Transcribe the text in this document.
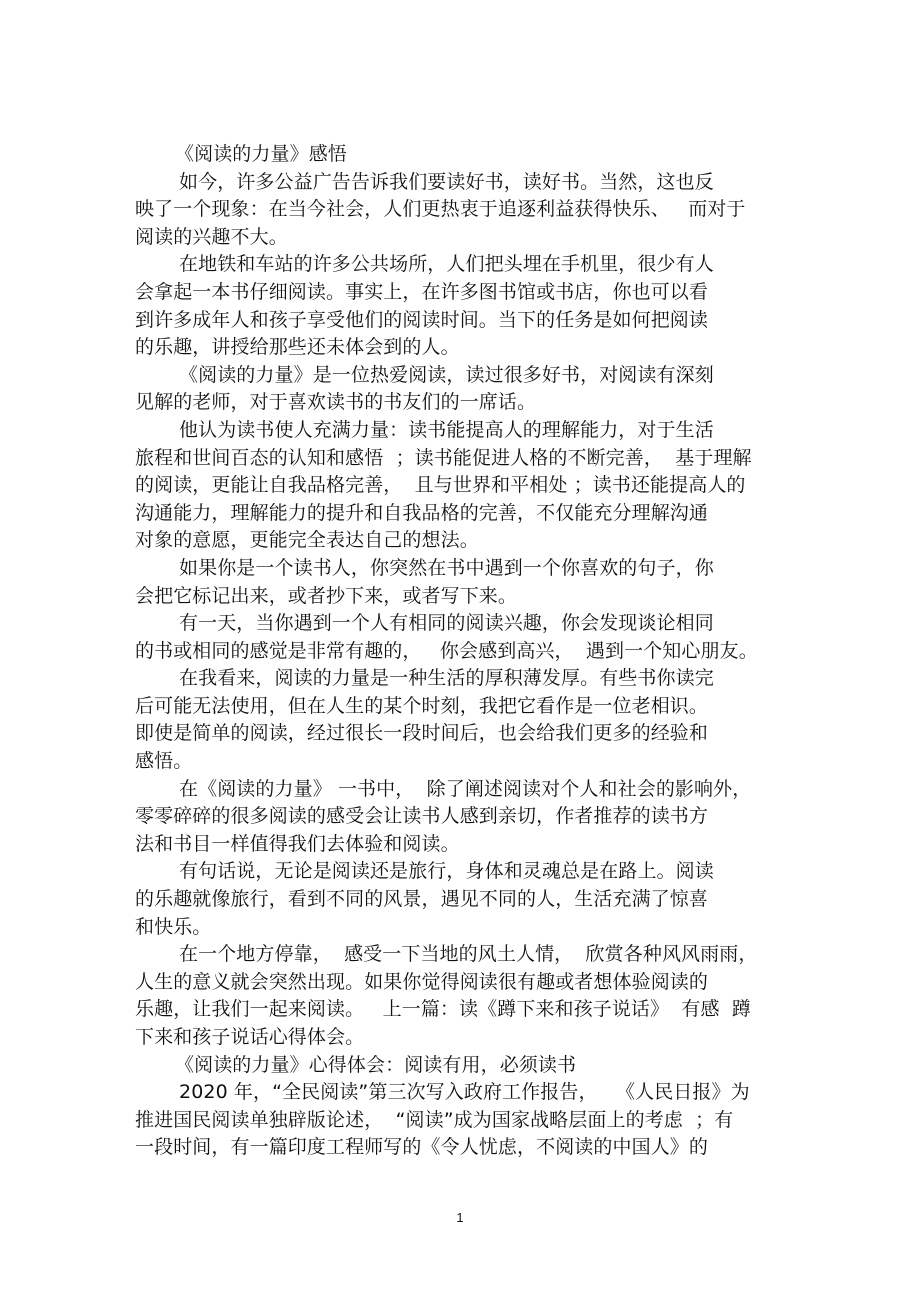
《阅读的力量》感悟
如今，许多公益广告告诉我们要读好书，读好书。当然，这也反
映了一个现象：在当今社会，人们更热衷于追逐利益获得快乐、   而对于
阅读的兴趣不大。
在地铁和车站的许多公共场所，人们把头埋在手机里，很少有人
会拿起一本书仔细阅读。事实上，在许多图书馆或书店，你也可以看
到许多成年人和孩子享受他们的阅读时间。当下的任务是如何把阅读
的乐趣，讲授给那些还未体会到的人。
《阅读的力量》是一位热爱阅读，读过很多好书，对阅读有深刻
见解的老师，对于喜欢读书的书友们的一席话。
他认为读书使人充满力量：读书能提高人的理解能力，对于生活
旅程和世间百态的认知和感悟  ；读书能促进人格的不断完善，  基于理解
的阅读，更能让自我品格完善，  且与世界和平相处 ；读书还能提高人的
沟通能力，理解能力的提升和自我品格的完善，不仅能充分理解沟通
对象的意愿，更能完全表达自己的想法。
如果你是一个读书人，你突然在书中遇到一个你喜欢的句子，你
会把它标记出来，或者抄下来，或者写下来。
有一天，当你遇到一个人有相同的阅读兴趣，你会发现谈论相同
的书或相同的感觉是非常有趣的，   你会感到高兴，  遇到一个知心朋友。
在我看来，阅读的力量是一种生活的厚积薄发厚。有些书你读完
后可能无法使用，但在人生的某个时刻，我把它看作是一位老相识。
即使是简单的阅读，经过很长一段时间后，也会给我们更多的经验和
感悟。
在《阅读的力量》 一书中，  除了阐述阅读对个人和社会的影响外，
零零碎碎的很多阅读的感受会让读书人感到亲切，作者推荐的读书方
法和书目一样值得我们去体验和阅读。
有句话说，无论是阅读还是旅行，身体和灵魂总是在路上。阅读
的乐趣就像旅行，看到不同的风景，遇见不同的人，生活充满了惊喜
和快乐。
在一个地方停靠，  感受一下当地的风土人情，  欣赏各种风风雨雨，
人生的意义就会突然出现。如果你觉得阅读很有趣或者想体验阅读的
乐趣，让我们一起来阅读。   上一篇：读《蹲下来和孩子说话》  有感  蹲
下来和孩子说话心得体会。
《阅读的力量》心得体会：阅读有用，必须读书
2020 年，“全民阅读”第三次写入政府工作报告，   《人民日报》为
推进国民阅读单独辟版论述，  “阅读”成为国家战略层面上的考虑  ；有
一段时间，有一篇印度工程师写的《令人忧虑，不阅读的中国人》的
1
